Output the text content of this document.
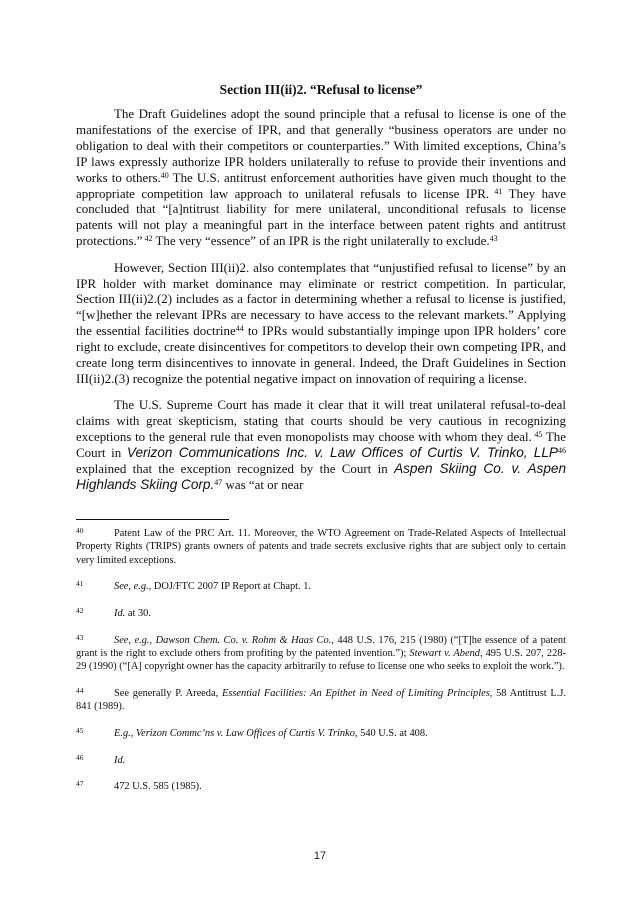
Section III(ii)2. “Refusal to license”

The Draft Guidelines adopt the sound principle that a refusal to license is one of the manifestations of the exercise of IPR, and that generally “business operators are under no obligation to deal with their competitors or counterparties.” With limited exceptions, China’s IP laws expressly authorize IPR holders unilaterally to refuse to provide their inventions and works to others.$^{40}$ The U.S. antitrust enforcement authorities have given much thought to the appropriate competition law approach to unilateral refusals to license IPR. $^{41}$ They have concluded that “[a]ntitrust liability for mere unilateral, unconditional refusals to license patents will not play a meaningful part in the interface between patent rights and antitrust protections.” $^{42}$ The very “essence” of an IPR is the right unilaterally to exclude.$^{43}$

However, Section III(ii)2. also contemplates that “unjustified refusal to license” by an IPR holder with market dominance may eliminate or restrict competition. In particular, Section III(ii)2.(2) includes as a factor in determining whether a refusal to license is justified, “[w]hether the relevant IPRs are necessary to have access to the relevant markets.” Applying the essential facilities doctrine$^{44}$ to IPRs would substantially impinge upon IPR holders’ core right to exclude, create disincentives for competitors to develop their own competing IPR, and create long term disincentives to innovate in general. Indeed, the Draft Guidelines in Section III(ii)2.(3) recognize the potential negative impact on innovation of requiring a license.

The U.S. Supreme Court has made it clear that it will treat unilateral refusal-to-deal claims with great skepticism, stating that courts should be very cautious in recognizing exceptions to the general rule that even monopolists may choose with whom they deal. $^{45}$ The Court in Verizon Communications Inc. v. Law Offices of Curtis V. Trinko, LLP$^{46}$ explained that the exception recognized by the Court in Aspen Skiing Co. v. Aspen Highlands Skiing Corp.$^{47}$ was “at or near

40	Patent Law of the PRC Art. 11. Moreover, the WTO Agreement on Trade-Related Aspects of Intellectual Property Rights (TRIPS) grants owners of patents and trade secrets exclusive rights that are subject only to certain very limited exceptions.
41	See, e.g., DOJ/FTC 2007 IP Report at Chapt. 1.
42	Id. at 30.
43	See, e.g., Dawson Chem. Co. v. Rohm & Haas Co., 448 U.S. 176, 215 (1980) (“[T]he essence of a patent grant is the right to exclude others from profiting by the patented invention.”); Stewart v. Abend, 495 U.S. 207, 228-29 (1990) (“[A] copyright owner has the capacity arbitrarily to refuse to license one who seeks to exploit the work.”).
44	See generally P. Areeda, Essential Facilities: An Epithet in Need of Limiting Principles, 58 Antitrust L.J. 841 (1989).
45	E.g., Verizon Commc’ns v. Law Offices of Curtis V. Trinko, 540 U.S. at 408.
46	Id.
47	472 U.S. 585 (1985).
17
